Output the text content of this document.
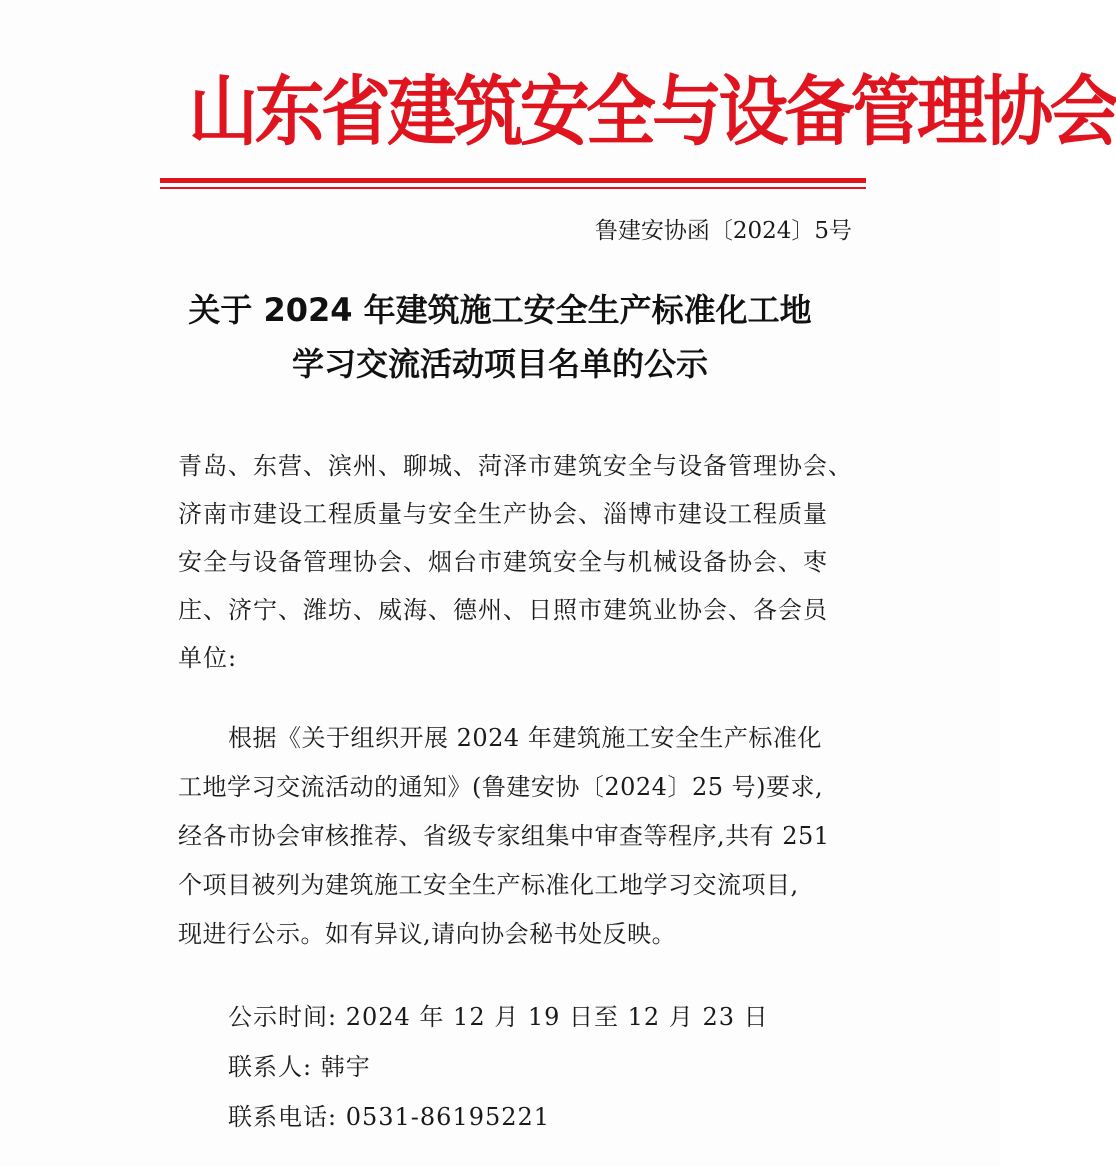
山东省建筑安全与设备管理协会
鲁建安协函〔2024〕5号
关于 2024 年建筑施工安全生产标准化工地
学习交流活动项目名单的公示
青岛、东营、滨州、聊城、菏泽市建筑安全与设备管理协会、
济南市建设工程质量与安全生产协会、淄博市建设工程质量
安全与设备管理协会、烟台市建筑安全与机械设备协会、枣
庄、济宁、潍坊、威海、德州、日照市建筑业协会、各会员
单位:
根据《关于组织开展 2024 年建筑施工安全生产标准化
工地学习交流活动的通知》(鲁建安协〔2024〕25 号)要求,
经各市协会审核推荐、省级专家组集中审查等程序,共有 251
个项目被列为建筑施工安全生产标准化工地学习交流项目,
现进行公示。如有异议,请向协会秘书处反映。
公示时间: 2024 年 12 月 19 日至 12 月 23 日
联系人: 韩宇
联系电话: 0531-86195221
